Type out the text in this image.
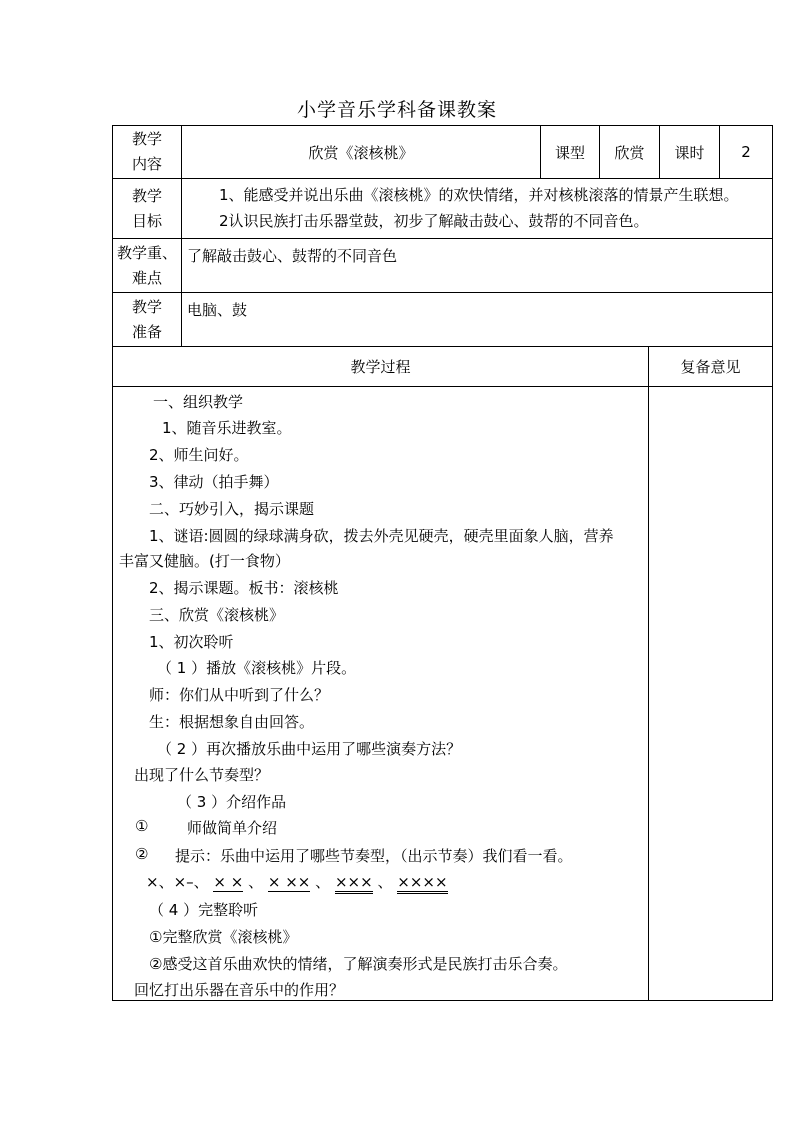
小学音乐学科备课教案
教学
内容
欣赏《滚核桃》	课型 欣赏 课时 2
教学
目标
1、能感受并说出乐曲《滚核桃》的欢快情绪，并对核桃滚落的情景产生联想。
2认识民族打击乐器堂鼓，初步了解敲击鼓心、鼓帮的不同音色。
教学重、
难点
了解敲击鼓心、鼓帮的不同音色
教学
准备
电脑、鼓
教学过程	复备意见
一、组织教学
1、随音乐进教室。
2、师生问好。
3、律动（拍手舞）
二、巧妙引入，揭示课题
1、谜语:圆圆的绿球满身砍，拨去外壳见硬壳，硬壳里面象人脑，营养
丰富又健脑。(打一食物）
2、揭示课题。板书：滚核桃
三、欣赏《滚核桃》
1、初次聆听
（ 1 ）播放《滚核桃》片段。
师：你们从中听到了什么？
生：根据想象自由回答。
（ 2 ）再次播放乐曲中运用了哪些演奏方法？
出现了什么节奏型？
（ 3 ）介绍作品
①	师做简单介绍
② 提示：乐曲中运用了哪些节奏型，（出示节奏）我们看一看。
×、×–、 × × 、 × ×× 、 ××× 、 ××××
（ 4 ）完整聆听
①完整欣赏《滚核桃》
②感受这首乐曲欢快的情绪，了解演奏形式是民族打击乐合奏。
回忆打出乐器在音乐中的作用？
